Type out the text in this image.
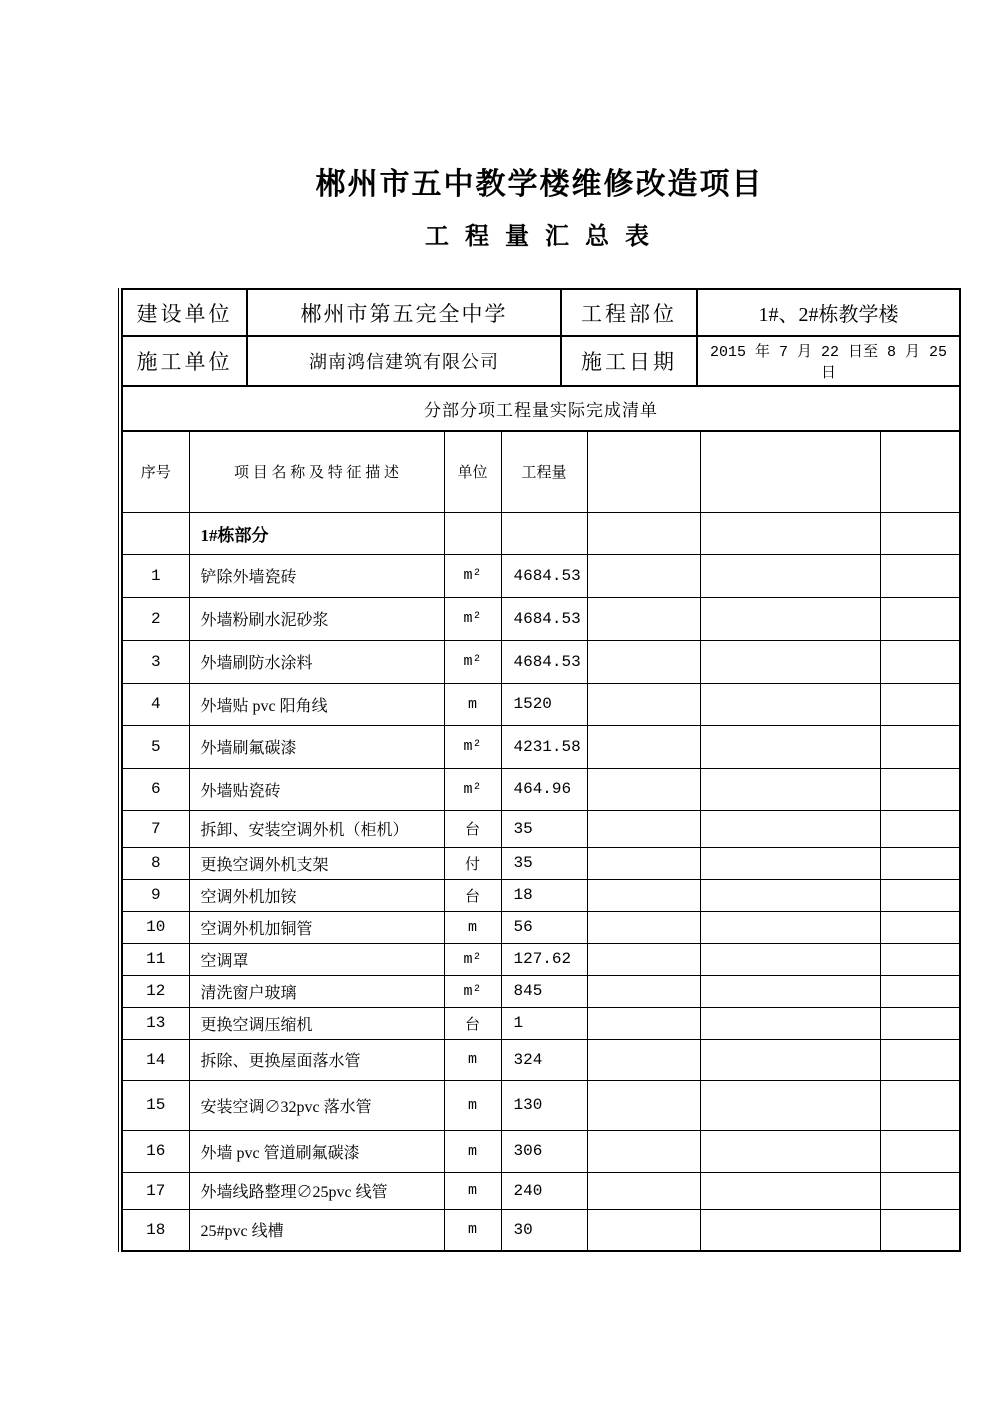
郴州市五中教学楼维修改造项目
工 程 量 汇 总 表
建设单位	郴州市第五完全中学	工程部位	1#、2#栋教学楼
施工单位	湖南鸿信建筑有限公司	施工日期	2015 年 7 月 22 日至 8 月 25 日
分部分项工程量实际完成清单			
序号	项 目 名 称 及 特 征 描 述	单位	工程量			
	1#栋部分					
1	铲除外墙瓷砖	m²	4684.53			
2	外墙粉刷水泥砂浆	m²	4684.53			
3	外墙刷防水涂料	m²	4684.53			
4	外墙贴 pvc 阳角线	m	1520			
5	外墙刷氟碳漆	m²	4231.58			
6	外墙贴瓷砖	m²	464.96			
7	拆卸、安装空调外机（柜机）	台	35			
8	更换空调外机支架	付	35			
9	空调外机加铵	台	18			
10	空调外机加铜管	m	56			
11	空调罩	m²	127.62			
12	清洗窗户玻璃	m²	845			
13	更换空调压缩机	台	1			
14	拆除、更换屋面落水管	m	324			
15	安装空调∅32pvc 落水管	m	130			
16	外墙 pvc 管道刷氟碳漆	m	306			
17	外墙线路整理∅25pvc 线管	m	240			
18	25#pvc 线槽	m	30			
